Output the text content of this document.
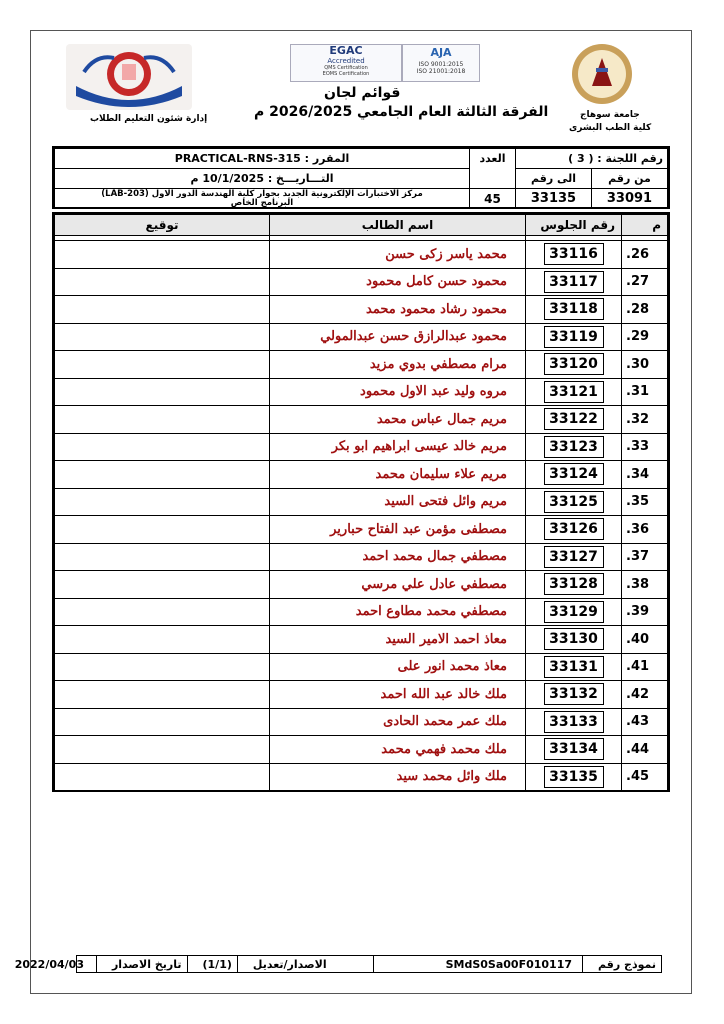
إدارة شئون التعليم الطلاب
EGAC
Accredited
QMS Certification
EOMS Certification
AJA
ISO 9001:2015
ISO 21001:2018
قوائم لجان
الفرقة الثالثة العام الجامعي 2026/2025 م	جامعة سوهاج
كلية الطب البشرى
رقم اللجنة : ( 3 )		العدد	المقرر : PRACTICAL-RNS-315
من رقم	الى رقم		التـــاريـــخ : 10/1/2025 م
33091	33135	45	مركز الاختبارات الإلكترونية الجديد بجوار كلية الهندسة الدور الاول (LAB-203)
البرنامج الخاص
م	رقم الجلوس	اسم الطالب	توقيع

.26	33116	محمد ياسر زكى حسن	
.27	33117	محمود حسن كامل محمود	
.28	33118	محمود رشاد محمود محمد	
.29	33119	محمود عبدالرازق حسن عبدالمولي	
.30	33120	مرام مصطفي بدوي مزيد	
.31	33121	مروه وليد عبد الاول محمود	
.32	33122	مريم جمال عباس محمد	
.33	33123	مريم خالد عيسى ابراهيم ابو بكر	
.34	33124	مريم علاء سليمان محمد	
.35	33125	مريم وائل فتحى السيد	
.36	33126	مصطفى مؤمن عبد الفتاح حبارير	
.37	33127	مصطفي جمال محمد احمد	
.38	33128	مصطفي عادل علي مرسي	
.39	33129	مصطفي محمد مطاوع احمد	
.40	33130	معاذ احمد الامير السيد	
.41	33131	معاذ محمد انور على	
.42	33132	ملك خالد عبد الله احمد	
.43	33133	ملك عمر محمد الحادى	
.44	33134	ملك محمد فهمي محمد	
.45	33135	ملك وائل محمد سيد	
نموذج رقم
SMdS0Sa00F010117
الاصدار/تعديل
(1/1)
تاريخ الاصدار
2022/04/03
